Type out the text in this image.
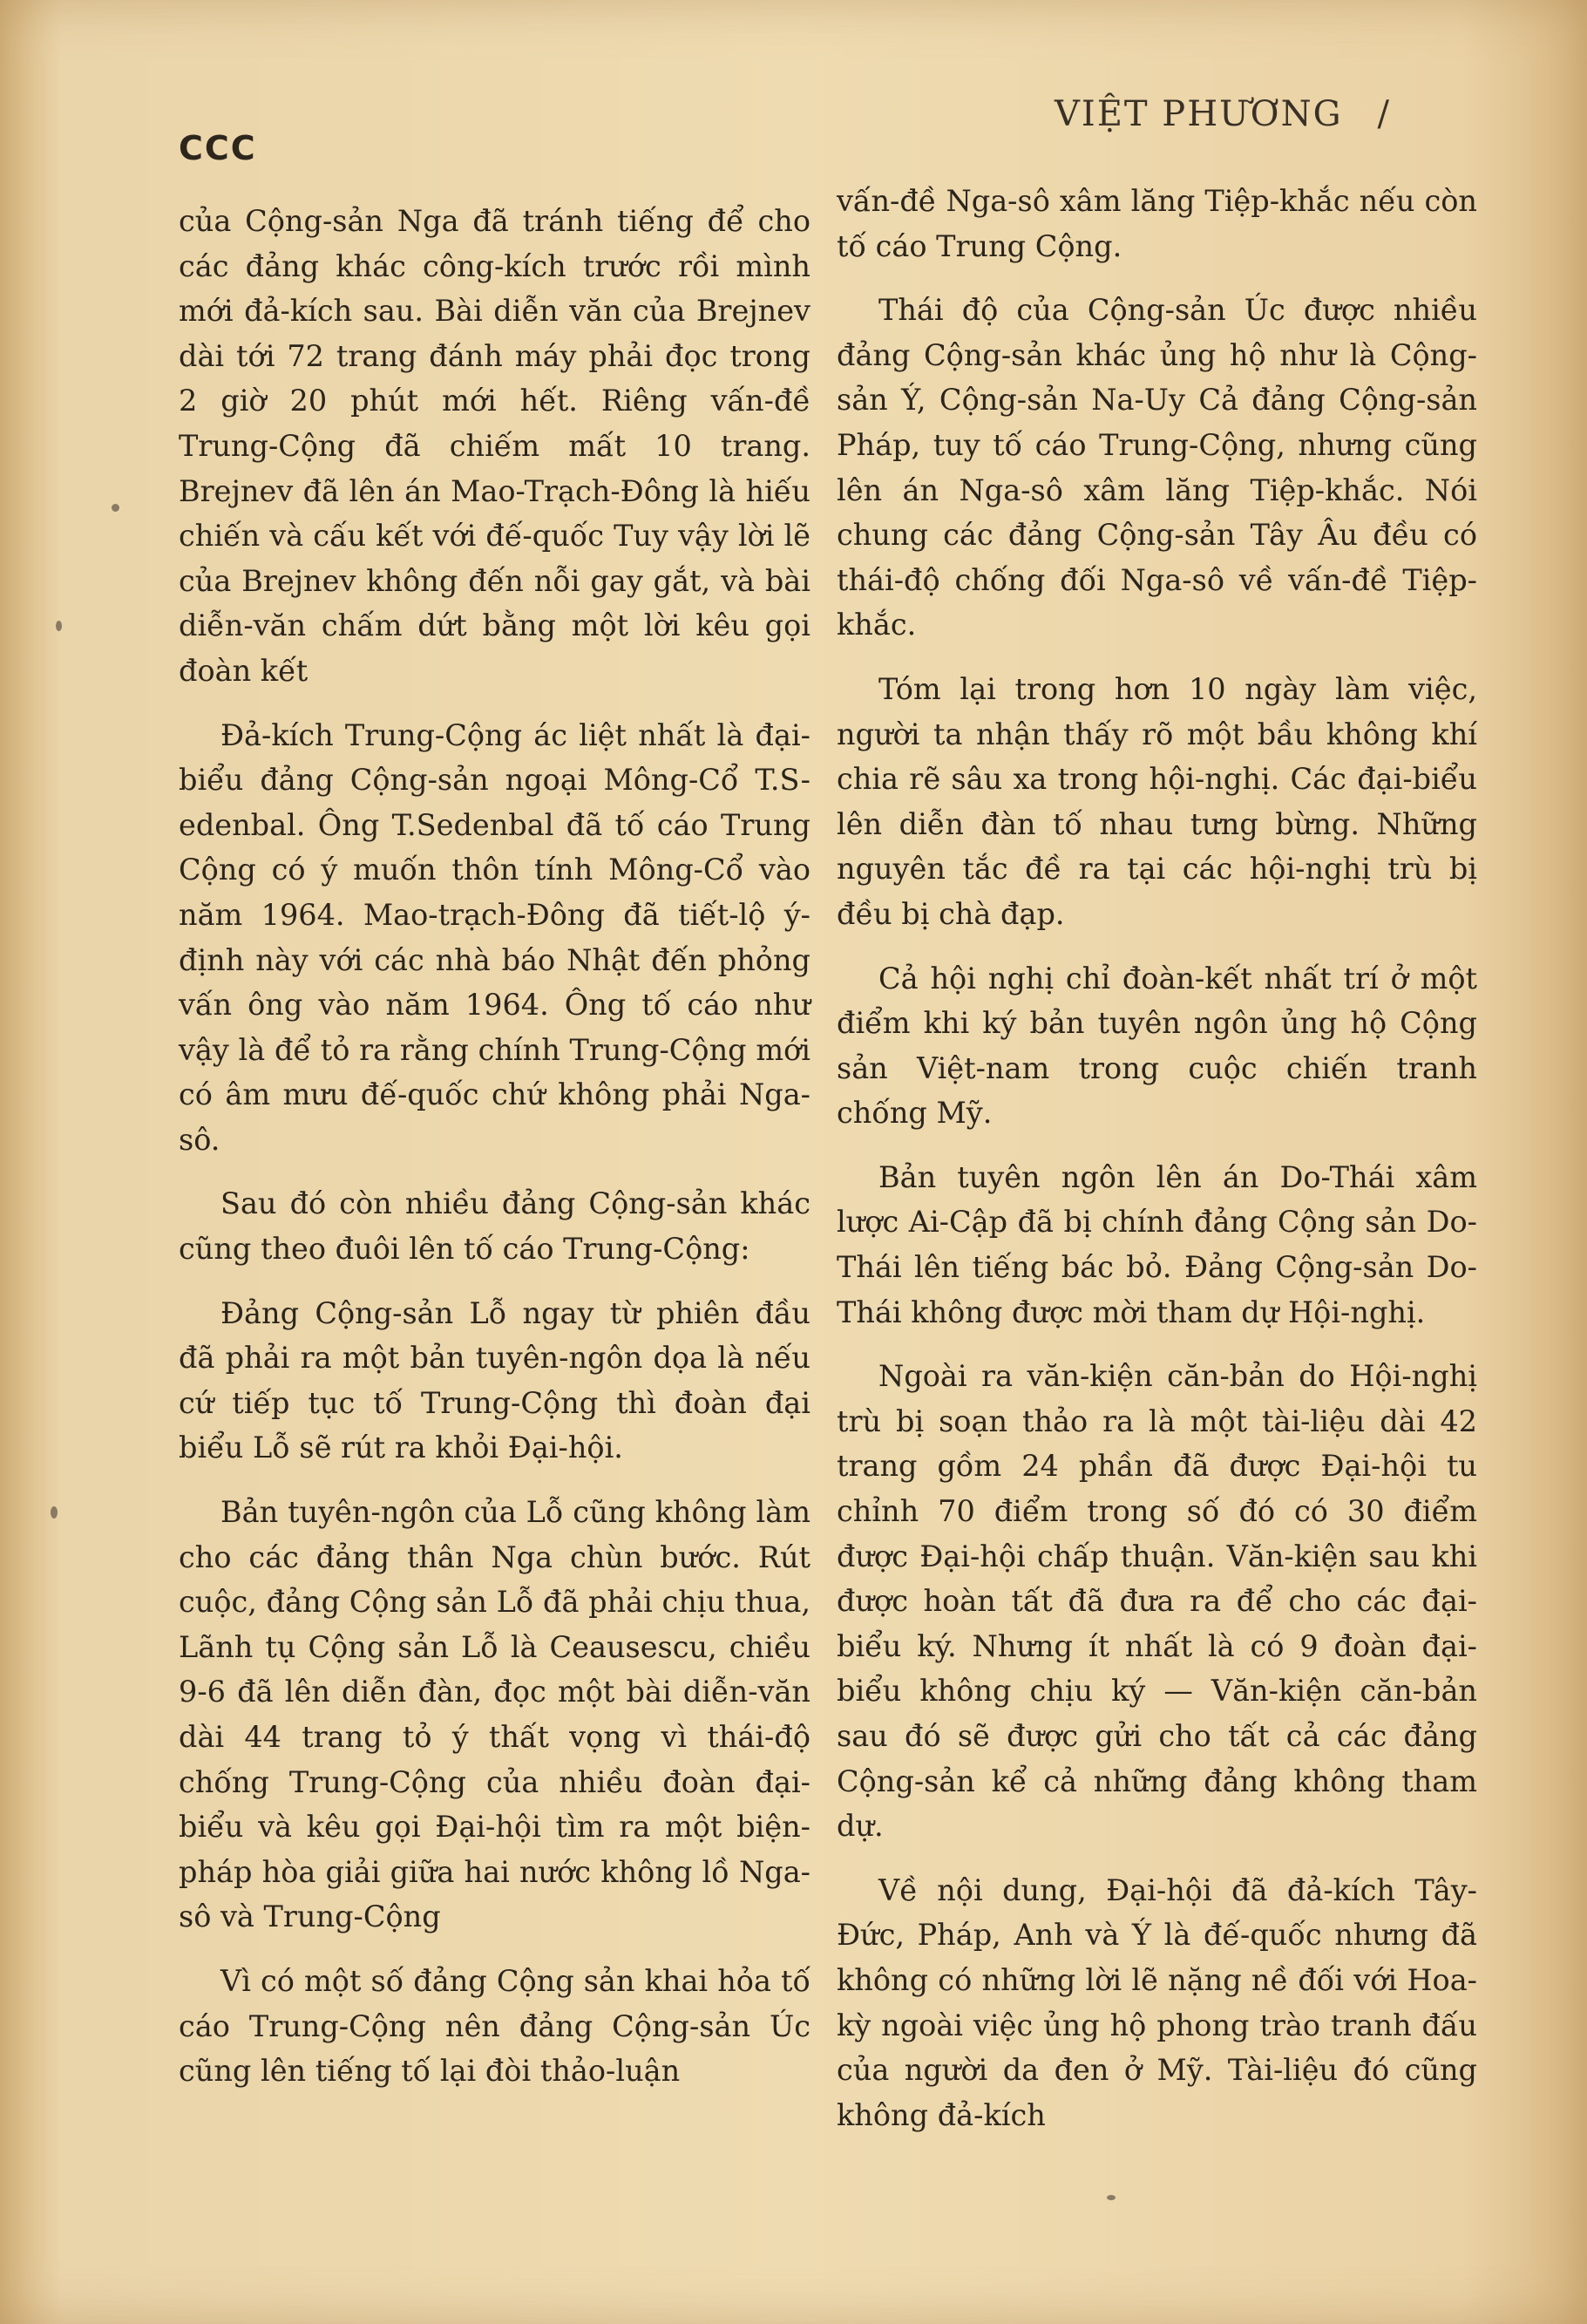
CCC
VIỆT PHƯƠNG /

của Cộng-sản Nga đã tránh tiếng để cho các đảng khác công-kích trước rồi mình mới đả-kích sau. Bài diễn văn của Brejnev dài tới 72 trang đánh máy phải đọc trong 2 giờ 20 phút mới hết. Riêng vấn-đề Trung-Cộng đã chiếm mất 10 trang. Brejnev đã lên án Mao-Trạch-Đông là hiếu chiến và cấu kết với đế-quốc Tuy vậy lời lẽ của Brejnev không đến nỗi gay gắt, và bài diễn-văn chấm dứt bằng một lời kêu gọi đoàn kết

Đả-kích Trung-Cộng ác liệt nhất là đại-biểu đảng Cộng-sản ngoại Mông-Cổ T.S-edenbal. Ông T.Sedenbal đã tố cáo Trung Cộng có ý muốn thôn tính Mông-Cổ vào năm 1964. Mao-trạch-Đông đã tiết-lộ ý-định này với các nhà báo Nhật đến phỏng vấn ông vào năm 1964. Ông tố cáo như vậy là để tỏ ra rằng chính Trung-Cộng mới có âm mưu đế-quốc chứ không phải Nga-sô.

Sau đó còn nhiều đảng Cộng-sản khác cũng theo đuôi lên tố cáo Trung-Cộng:

Đảng Cộng-sản Lỗ ngay từ phiên đầu đã phải ra một bản tuyên-ngôn dọa là nếu cứ tiếp tục tố Trung-Cộng thì đoàn đại biểu Lỗ sẽ rút ra khỏi Đại-hội.

Bản tuyên-ngôn của Lỗ cũng không làm cho các đảng thân Nga chùn bước. Rút cuộc, đảng Cộng sản Lỗ đã phải chịu thua, Lãnh tụ Cộng sản Lỗ là Ceausescu, chiều 9-6 đã lên diễn đàn, đọc một bài diễn-văn dài 44 trang tỏ ý thất vọng vì thái-độ chống Trung-Cộng của nhiều đoàn đại-biểu và kêu gọi Đại-hội tìm ra một biện-pháp hòa giải giữa hai nước không lồ Nga-sô và Trung-Cộng

Vì có một số đảng Cộng sản khai hỏa tố cáo Trung-Cộng nên đảng Cộng-sản Úc cũng lên tiếng tố lại đòi thảo-luận

vấn-đề Nga-sô xâm lăng Tiệp-khắc nếu còn tố cáo Trung Cộng.

Thái độ của Cộng-sản Úc được nhiều đảng Cộng-sản khác ủng hộ như là Cộng-sản Ý, Cộng-sản Na-Uy Cả đảng Cộng-sản Pháp, tuy tố cáo Trung-Cộng, nhưng cũng lên án Nga-sô xâm lăng Tiệp-khắc. Nói chung các đảng Cộng-sản Tây Âu đều có thái-độ chống đối Nga-sô về vấn-đề Tiệp-khắc.

Tóm lại trong hơn 10 ngày làm việc, người ta nhận thấy rõ một bầu không khí chia rẽ sâu xa trong hội-nghị. Các đại-biểu lên diễn đàn tố nhau tưng bừng. Những nguyên tắc đề ra tại các hội-nghị trù bị đều bị chà đạp.

Cả hội nghị chỉ đoàn-kết nhất trí ở một điểm khi ký bản tuyên ngôn ủng hộ Cộng sản Việt-nam trong cuộc chiến tranh chống Mỹ.

Bản tuyên ngôn lên án Do-Thái xâm lược Ai-Cập đã bị chính đảng Cộng sản Do-Thái lên tiếng bác bỏ. Đảng Cộng-sản Do-Thái không được mời tham dự Hội-nghị.

Ngoài ra văn-kiện căn-bản do Hội-nghị trù bị soạn thảo ra là một tài-liệu dài 42 trang gồm 24 phần đã được Đại-hội tu chỉnh 70 điểm trong số đó có 30 điểm được Đại-hội chấp thuận. Văn-kiện sau khi được hoàn tất đã đưa ra để cho các đại-biểu ký. Nhưng ít nhất là có 9 đoàn đại-biểu không chịu ký — Văn-kiện căn-bản sau đó sẽ được gửi cho tất cả các đảng Cộng-sản kể cả những đảng không tham dự.

Về nội dung, Đại-hội đã đả-kích Tây-Đức, Pháp, Anh và Ý là đế-quốc nhưng đã không có những lời lẽ nặng nề đối với Hoa-kỳ ngoài việc ủng hộ phong trào tranh đấu của người da đen ở Mỹ. Tài-liệu đó cũng không đả-kích
